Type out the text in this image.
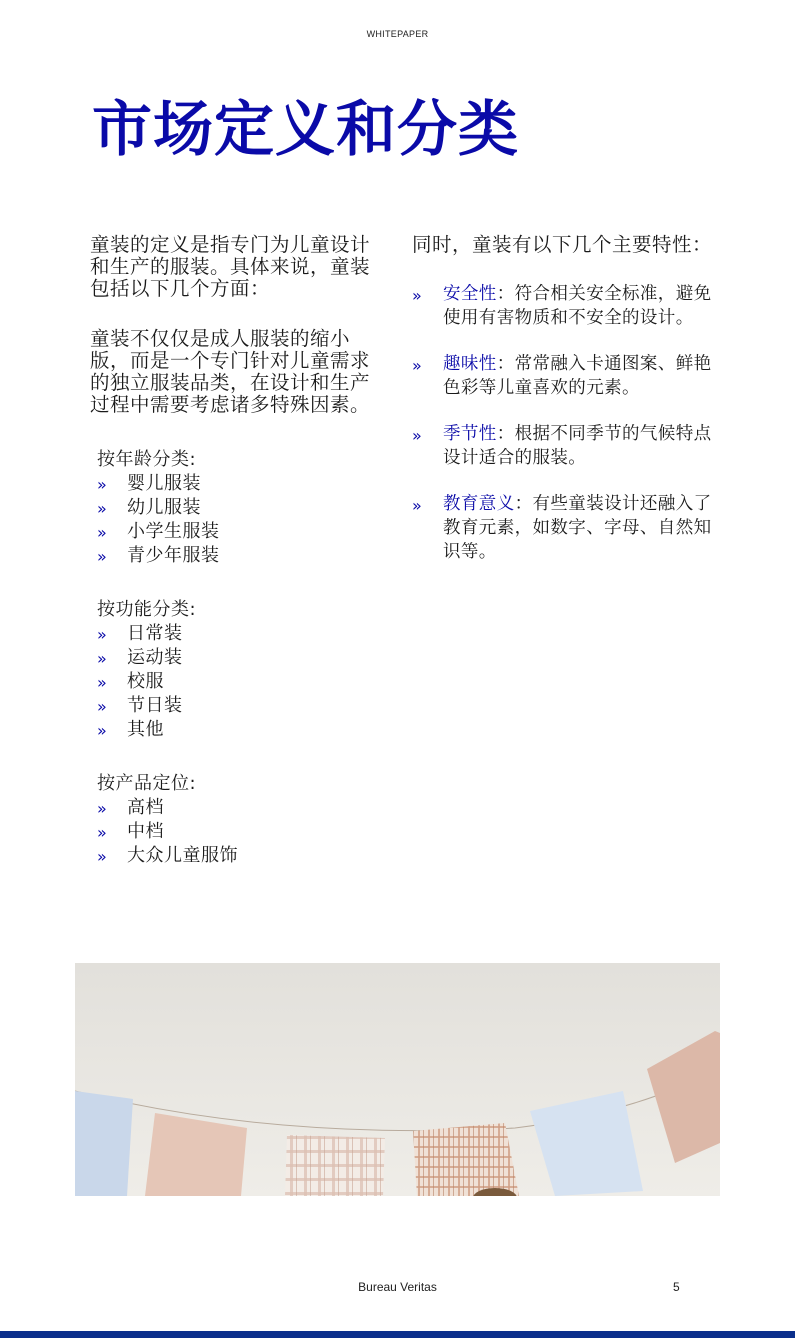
WHITEPAPER
市场定义和分类

童装的定义是指专门为儿童设计和生产的服装。具体来说，童装包括以下几个方面：

童装不仅仅是成人服装的缩小版，而是一个专门针对儿童需求的独立服装品类，在设计和生产过程中需要考虑诸多特殊因素。

按年龄分类:
» 婴儿服装
» 幼儿服装
» 小学生服装
» 青少年服装
按功能分类:
» 日常装
» 运动装
» 校服
» 节日装
» 其他
按产品定位:
» 高档
» 中档
» 大众儿童服饰

同时，童装有以下几个主要特性：

» 安全性：符合相关安全标准，避免使用有害物质和不安全的设计。
» 趣味性：常常融入卡通图案、鲜艳色彩等儿童喜欢的元素。
» 季节性：根据不同季节的气候特点设计适合的服装。
» 教育意义：有些童装设计还融入了教育元素，如数字、字母、自然知识等。
Bureau Veritas	5
